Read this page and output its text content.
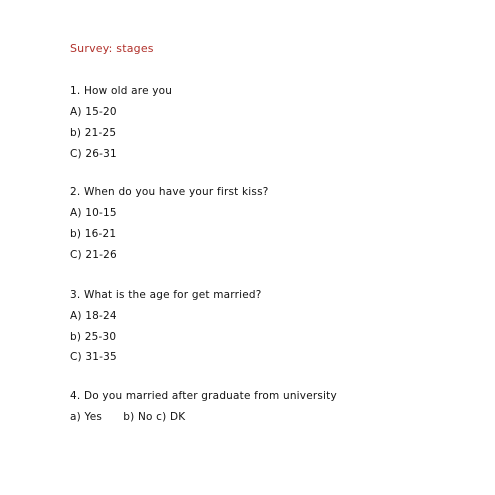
Survey: stages
1. How old are you
A) 15-20
b) 21-25
C) 26-31
2. When do you have your first kiss?
A) 10-15
b) 16-21
C) 21-26
3. What is the age for get married?
A) 18-24
b) 25-30
C) 31-35
4. Do you married after graduate from university
a) Yes      b) No c) DK
